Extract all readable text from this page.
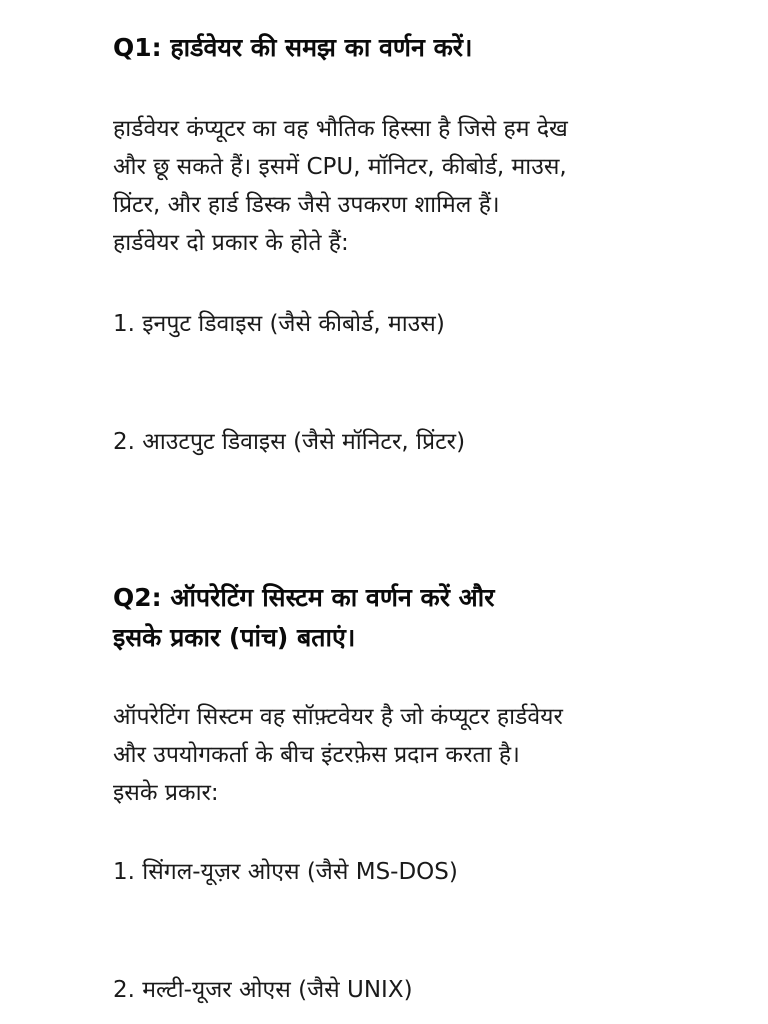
Q1: हार्डवेयर की समझ का वर्णन करें।
हार्डवेयर कंप्यूटर का वह भौतिक हिस्सा है जिसे हम देख
और छू सकते हैं। इसमें CPU, मॉनिटर, कीबोर्ड, माउस,
प्रिंटर, और हार्ड डिस्क जैसे उपकरण शामिल हैं।
हार्डवेयर दो प्रकार के होते हैं:

1. इनपुट डिवाइस (जैसे कीबोर्ड, माउस)

2. आउटपुट डिवाइस (जैसे मॉनिटर, प्रिंटर)

Q2: ऑपरेटिंग सिस्टम का वर्णन करें और
इसके प्रकार (पांच) बताएं।
ऑपरेटिंग सिस्टम वह सॉफ़्टवेयर है जो कंप्यूटर हार्डवेयर
और उपयोगकर्ता के बीच इंटरफ़ेस प्रदान करता है।
इसके प्रकार:

1. सिंगल-यूज़र ओएस (जैसे MS-DOS)

2. मल्टी-यूजर ओएस (जैसे UNIX)
